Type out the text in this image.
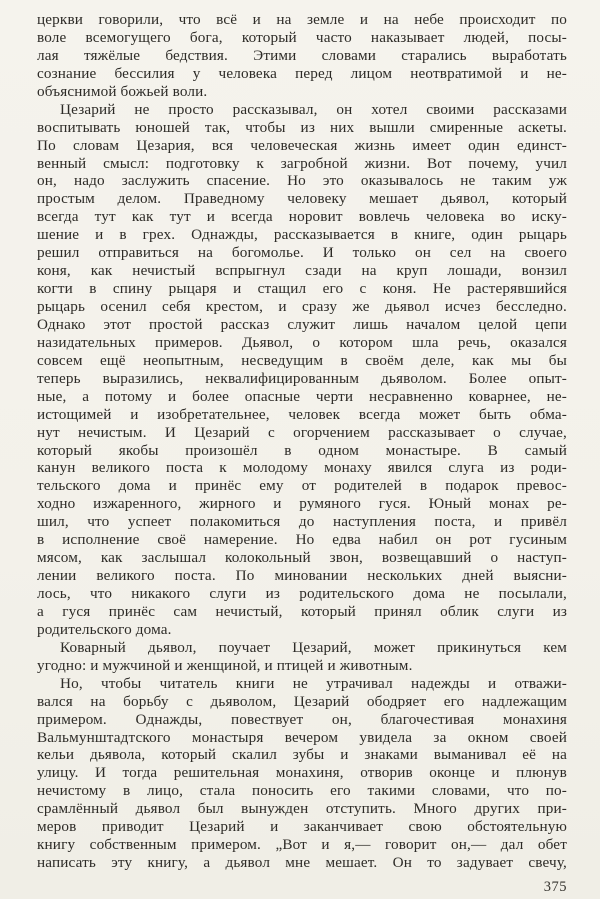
церкви говорили, что всё и на земле и на небе происходит по
воле всемогущего бога, который часто наказывает людей, посы-
лая тяжёлые бедствия. Этими словами старались выработать
сознание бессилия у человека перед лицом неотвратимой и не-
объяснимой божьей воли.
Цезарий не просто рассказывал, он хотел своими рассказами
воспитывать юношей так, чтобы из них вышли смиренные аскеты.
По словам Цезария, вся человеческая жизнь имеет один единст-
венный смысл: подготовку к загробной жизни. Вот почему, учил
он, надо заслужить спасение. Но это оказывалось не таким уж
простым делом. Праведному человеку мешает дьявол, который
всегда тут как тут и всегда норовит вовлечь человека во иску-
шение и в грех. Однажды, рассказывается в книге, один рыцарь
решил отправиться на богомолье. И только он сел на своего
коня, как нечистый вспрыгнул сзади на круп лошади, вонзил
когти в спину рыцаря и стащил его с коня. Не растерявшийся
рыцарь осенил себя крестом, и сразу же дьявол исчез бесследно.
Однако этот простой рассказ служит лишь началом целой цепи
назидательных примеров. Дьявол, о котором шла речь, оказался
совсем ещё неопытным, несведущим в своём деле, как мы бы
теперь выразились, неквалифицированным дьяволом. Более опыт-
ные, а потому и более опасные черти несравненно коварнее, не-
истощимей и изобретательнее, человек всегда может быть обма-
нут нечистым. И Цезарий с огорчением рассказывает о случае,
который якобы произошёл в одном монастыре. В самый
канун великого поста к молодому монаху явился слуга из роди-
тельского дома и принёс ему от родителей в подарок превос-
ходно изжаренного, жирного и румяного гуся. Юный монах ре-
шил, что успеет полакомиться до наступления поста, и привёл
в исполнение своё намерение. Но едва набил он рот гусиным
мясом, как заслышал колокольный звон, возвещавший о наступ-
лении великого поста. По миновании нескольких дней выясни-
лось, что никакого слуги из родительского дома не посылали,
а гуся принёс сам нечистый, который принял облик слуги из
родительского дома.
Коварный дьявол, поучает Цезарий, может прикинуться кем
угодно: и мужчиной и женщиной, и птицей и животным.
Но, чтобы читатель книги не утрачивал надежды и отважи-
вался на борьбу с дьяволом, Цезарий ободряет его надлежащим
примером. Однажды, повествует он, благочестивая монахиня
Вальмунштадтского монастыря вечером увидела за окном своей
кельи дьявола, который скалил зубы и знаками выманивал её на
улицу. И тогда решительная монахиня, отворив оконце и плюнув
нечистому в лицо, стала поносить его такими словами, что по-
срамлённый дьявол был вынужден отступить. Много других при-
меров приводит Цезарий и заканчивает свою обстоятельную
книгу собственным примером. „Вот и я,— говорит он,— дал обет
написать эту книгу, а дьявол мне мешает. Он то задувает свечу,
375
